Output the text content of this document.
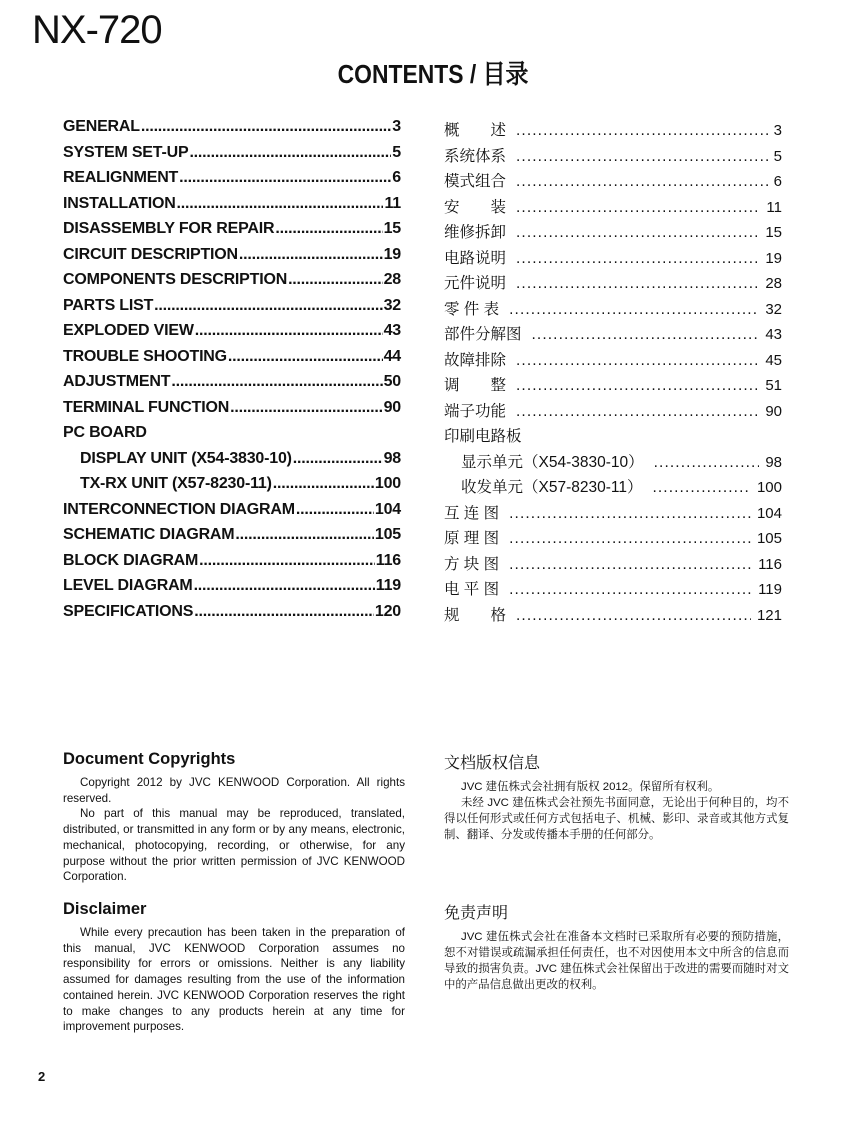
NX-720
CONTENTS / 目录
GENERAL .....	3
SYSTEM SET-UP .....	5
REALIGNMENT .....	6
INSTALLATION .....	11
DISASSEMBLY FOR REPAIR .....	15
CIRCUIT DESCRIPTION .....	19
COMPONENTS DESCRIPTION .....	28
PARTS LIST .....	32
EXPLODED VIEW .....	43
TROUBLE SHOOTING .....	44
ADJUSTMENT .....	50
TERMINAL FUNCTION .....	90
PC BOARD
DISPLAY UNIT (X54-3830-10) .....	98
TX-RX UNIT (X57-8230-11) .....	100
INTERCONNECTION DIAGRAM .....	104
SCHEMATIC DIAGRAM .....	105
BLOCK DIAGRAM .....	116
LEVEL DIAGRAM .....	119
SPECIFICATIONS .....	120
概　　述 . .	3
系统体系 . .	5
模式组合 . .	6
安　　装 . .	11
维修拆卸 . .	15
电路说明 . .	19
元件说明 . .	28
零 件 表 . .	32
部件分解图 . .	43
故障排除 . .	45
调　　整 . .	51
端子功能 . .	90
印刷电路板
显示单元（X54-3830-10） . .	98
收发单元（X57-8230-11） . .	100
互 连 图 . .	104
原 理 图 . .	105
方 块 图 . .	116
电 平 图 . .	119
规　　格 . .	121
Document Copyrights

Copyright 2012 by JVC KENWOOD Corporation. All rights reserved.

No part of this manual may be reproduced, translated, distributed, or transmitted in any form or by any means, electronic, mechanical, photocopying, recording, or otherwise, for any purpose without the prior written permission of JVC KENWOOD Corporation.

文档版权信息

JVC 建伍株式会社拥有版权 2012。保留所有权利。

未经 JVC 建伍株式会社预先书面同意，无论出于何种目的，均不得以任何形式或任何方式包括电子、机械、影印、录音或其他方式复制、翻译、分发或传播本手册的任何部分。

Disclaimer

While every precaution has been taken in the preparation of this manual, JVC KENWOOD Corporation assumes no responsibility for errors or omissions. Neither is any liability assumed for damages resulting from the use of the information contained herein. JVC KENWOOD Corporation reserves the right to make changes to any products herein at any time for improvement purposes.

免责声明

JVC 建伍株式会社在准备本文档时已采取所有必要的预防措施，恕不对错误或疏漏承担任何责任，也不对因使用本文中所含的信息而导致的损害负责。JVC 建伍株式会社保留出于改进的需要而随时对文中的产品信息做出更改的权利。

2
